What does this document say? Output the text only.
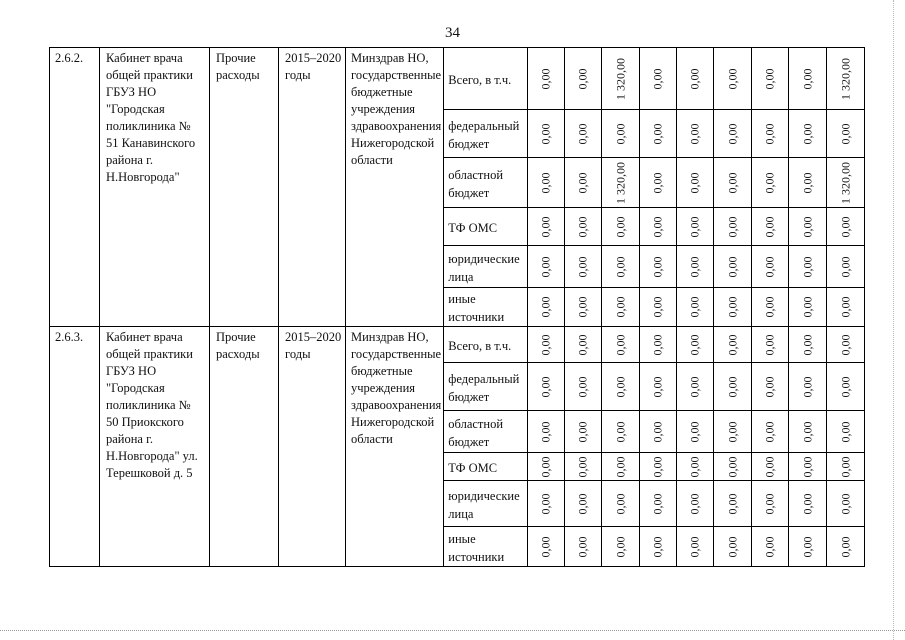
34
2.6.2.	Кабинет врача общей практики ГБУЗ НО "Городская поликлиника № 51 Канавинского района г. Н.Новгорода"	Прочие расходы	2015–2020 годы	Минздрав НО, государственные бюджетные учреждения здравоохранения Нижегородской области	Всего, в т.ч.	0,00	0,00	1 320,00	0,00	0,00	0,00	0,00	0,00	1 320,00

					федеральный бюджет	0,00	0,00	0,00	0,00	0,00	0,00	0,00	0,00	0,00

					областной бюджет	0,00	0,00	1 320,00	0,00	0,00	0,00	0,00	0,00	1 320,00

					ТФ ОМС	0,00	0,00	0,00	0,00	0,00	0,00	0,00	0,00	0,00

					юридические лица	0,00	0,00	0,00	0,00	0,00	0,00	0,00	0,00	0,00

					иные источники	0,00	0,00	0,00	0,00	0,00	0,00	0,00	0,00	0,00

2.6.3.	Кабинет врача общей практики ГБУЗ НО "Городская поликлиника № 50 Приокского района г. Н.Новгорода" ул. Терешковой д. 5	Прочие расходы	2015–2020 годы	Минздрав НО, государственные бюджетные учреждения здравоохранения Нижегородской области	Всего, в т.ч.	0,00	0,00	0,00	0,00	0,00	0,00	0,00	0,00	0,00

					федеральный бюджет	0,00	0,00	0,00	0,00	0,00	0,00	0,00	0,00	0,00

					областной бюджет	0,00	0,00	0,00	0,00	0,00	0,00	0,00	0,00	0,00

					ТФ ОМС	0,00	0,00	0,00	0,00	0,00	0,00	0,00	0,00	0,00

					юридические лица	0,00	0,00	0,00	0,00	0,00	0,00	0,00	0,00	0,00

					иные источники	0,00	0,00	0,00	0,00	0,00	0,00	0,00	0,00	0,00
